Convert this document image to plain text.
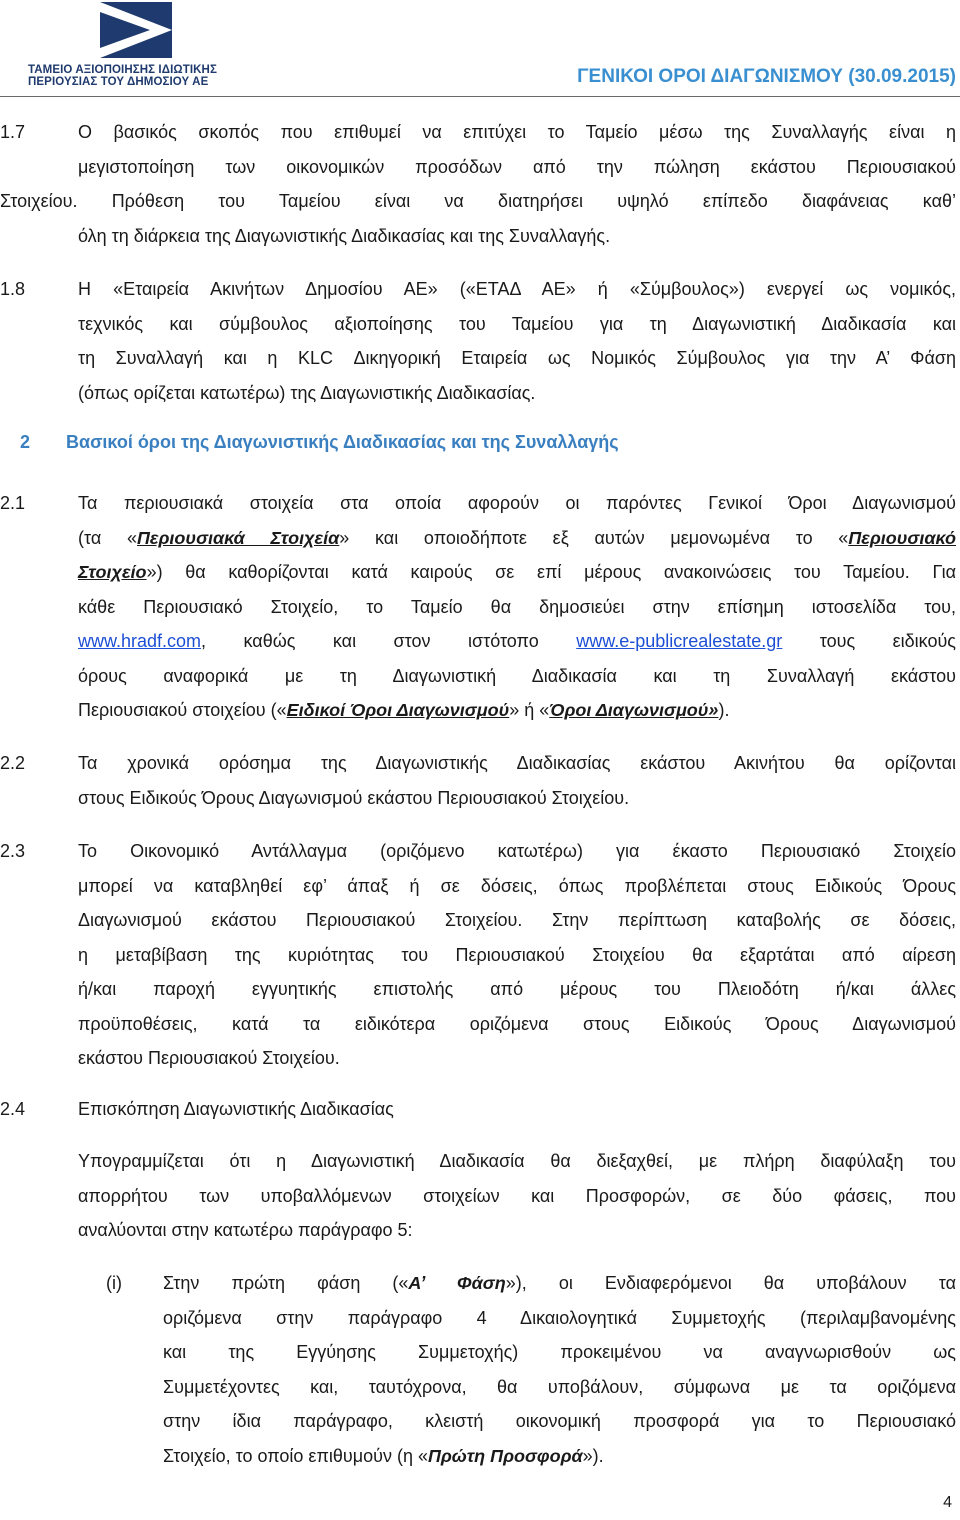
ΤΑΜΕΙΟ ΑΞΙΟΠΟΙΗΣΗΣ ΙΔΙΩΤΙΚΗΣ
ΠΕΡΙΟΥΣΙΑΣ ΤΟΥ ΔΗΜΟΣΙΟΥ ΑΕ	ΓΕΝΙΚΟΙ ΟΡΟΙ ΔΙΑΓΩΝΙΣΜΟΥ (30.09.2015)
1.7	Ο βασικός σκοπός που επιθυμεί να επιτύχει το Ταμείο μέσω της Συναλλαγής είναι η
μεγιστοποίηση των οικονομικών προσόδων από την πώληση εκάστου Περιουσιακού
Στοιχείου. Πρόθεση του Ταμείου είναι να διατηρήσει υψηλό επίπεδο διαφάνειας καθ’
όλη τη διάρκεια της Διαγωνιστικής Διαδικασίας και της Συναλλαγής.
1.8	Η «Εταιρεία Ακινήτων Δημοσίου ΑΕ» («ΕΤΑΔ ΑΕ» ή «Σύμβουλος») ενεργεί ως νομικός,
τεχνικός και σύμβουλος αξιοποίησης του Ταμείου για τη Διαγωνιστική Διαδικασία και
τη Συναλλαγή και η KLC Δικηγορική Εταιρεία ως Νομικός Σύμβουλος για την Α’ Φάση
(όπως ορίζεται κατωτέρω) της Διαγωνιστικής Διαδικασίας.
2 Βασικοί όροι της Διαγωνιστικής Διαδικασίας και της Συναλλαγής
2.1	Τα περιουσιακά στοιχεία στα οποία αφορούν οι παρόντες Γενικοί Όροι Διαγωνισμού
(τα «Περιουσιακά Στοιχεία» και οποιοδήποτε εξ αυτών μεμονωμένα το «Περιουσιακό
Στοιχείο») θα καθορίζονται κατά καιρούς σε επί μέρους ανακοινώσεις του Ταμείου. Για
κάθε Περιουσιακό Στοιχείο, το Ταμείο θα δημοσιεύει στην επίσημη ιστοσελίδα του,
www.hradf.com, καθώς και στον ιστότοπο www.e-publicrealestate.gr τους ειδικούς
όρους αναφορικά με τη Διαγωνιστική Διαδικασία και τη Συναλλαγή εκάστου
Περιουσιακού στοιχείου («Ειδικοί Όροι Διαγωνισμού» ή «Όροι Διαγωνισμού»).
2.2	Τα χρονικά ορόσημα της Διαγωνιστικής Διαδικασίας εκάστου Ακινήτου θα ορίζονται
στους Ειδικούς Όρους Διαγωνισμού εκάστου Περιουσιακού Στοιχείου.
2.3	Το Οικονομικό Αντάλλαγμα (οριζόμενο κατωτέρω) για έκαστο Περιουσιακό Στοιχείο
μπορεί να καταβληθεί εφ’ άπαξ ή σε δόσεις, όπως προβλέπεται στους Ειδικούς Όρους
Διαγωνισμού εκάστου Περιουσιακού Στοιχείου. Στην περίπτωση καταβολής σε δόσεις,
η μεταβίβαση της κυριότητας του Περιουσιακού Στοιχείου θα εξαρτάται από αίρεση
ή/και παροχή εγγυητικής επιστολής από μέρους του Πλειοδότη ή/και άλλες
προϋποθέσεις, κατά τα ειδικότερα οριζόμενα στους Ειδικούς Όρους Διαγωνισμού
εκάστου Περιουσιακού Στοιχείου.
2.4	Επισκόπηση Διαγωνιστικής Διαδικασίας
Υπογραμμίζεται ότι η Διαγωνιστική Διαδικασία θα διεξαχθεί, με πλήρη διαφύλαξη του
απορρήτου των υποβαλλόμενων στοιχείων και Προσφορών, σε δύο φάσεις, που
αναλύονται στην κατωτέρω παράγραφο 5:
(i) Στην πρώτη φάση («Α’ Φάση»), οι Ενδιαφερόμενοι θα υποβάλουν τα
οριζόμενα στην παράγραφο 4 Δικαιολογητικά Συμμετοχής (περιλαμβανομένης
και της Εγγύησης Συμμετοχής) προκειμένου να αναγνωρισθούν ως
Συμμετέχοντες και, ταυτόχρονα, θα υποβάλουν, σύμφωνα με τα οριζόμενα
στην ίδια παράγραφο, κλειστή οικονομική προσφορά για το Περιουσιακό
Στοιχείο, το οποίο επιθυμούν (η «Πρώτη Προσφορά»).
4
